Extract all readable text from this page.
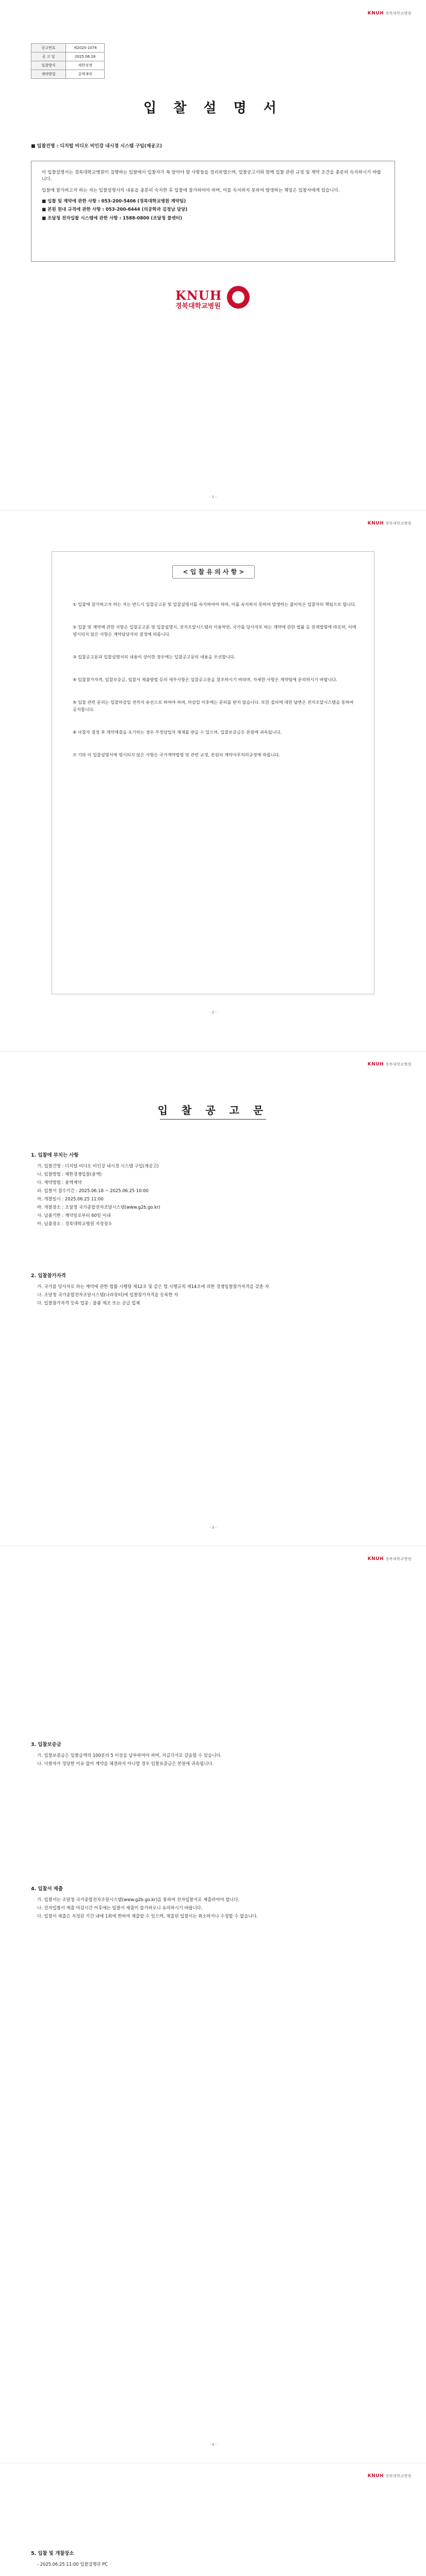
KNUH 경북대학교병원
공고번호	제2025-1078
공 고 일	2025.06.18
입찰방식	제한경쟁
계약방법	총액계약
입 찰 설 명 서
■ 입찰건명 : 디지털 비디오 비인강 내시경 시스템 구입(재공고)

이 입찰설명서는 경북대학교병원이 집행하는 입찰에서 입찰자가 꼭 알아야 할 사항들을 정리하였으며, 입찰공고서와 함께 입찰 관련 규정 및 계약 조건을 충분히 숙지하시기 바랍니다.

입찰에 참가하고자 하는 자는 입찰설명서의 내용을 충분히 숙지한 후 입찰에 참가하여야 하며, 이를 숙지하지 못하여 발생하는 책임은 입찰자에게 있습니다.

■ 입찰 및 계약에 관한 사항 : 053-200-5406 (경북대학교병원 계약팀)
■ 본원 원내 규격에 관한 사항 : 053-200-6444 (의공학과 김정남 담당)
■ 조달청 전자입찰 시스템에 관한 사항 : 1588-0800 (조달청 콜센터)
KNUH
경북대학교병원
- 1 -
KNUH 경북대학교병원
< 입 찰 유 의 사 항 >
① 입찰에 참가하고자 하는 자는 반드시 입찰공고문 및 입찰설명서를 숙지하여야 하며, 이를 숙지하지 못하여 발생하는 불이익은 입찰자의 책임으로 합니다.
② 입찰 및 계약에 관한 사항은 입찰공고문 및 입찰설명서, 전자조달시스템의 이용약관, 국가를 당사자로 하는 계약에 관한 법률 등 관계법령에 따르며, 이에 명시되지 않은 사항은 계약담당자의 결정에 따릅니다.
③ 입찰공고문과 입찰설명서의 내용이 상이한 경우에는 입찰공고문의 내용을 우선합니다.
④ 입찰참가자격, 입찰보증금, 입찰서 제출방법 등의 세부사항은 입찰공고문을 참조하시기 바라며, 자세한 사항은 계약팀에 문의하시기 바랍니다.
⑤ 입찰 관련 문의는 입찰마감일 전까지 유선으로 하여야 하며, 마감일 이후에는 문의를 받지 않습니다. 또한 질의에 대한 답변은 전자조달시스템을 통하여 공지합니다.
⑥ 낙찰자 결정 후 계약체결을 포기하는 경우 부정당업자 제재를 받을 수 있으며, 입찰보증금은 본원에 귀속됩니다.
⑦ 기타 이 입찰설명서에 명시되지 않은 사항은 국가계약법령 및 관련 규정, 본원의 계약사무처리규정에 따릅니다.
- 2 -
KNUH 경북대학교병원
입 찰 공 고 문
1. 입찰에 부치는 사항
가. 입찰건명 : 디지털 비디오 비인강 내시경 시스템 구입(재공고)
나. 입찰방법 : 제한경쟁입찰(총액)
다. 계약방법 : 총액계약
라. 입찰서 접수기간 : 2025.06.18 ~ 2025.06.25 10:00
마. 개찰일시 : 2025.06.25 11:00
바. 개찰장소 : 조달청 국가종합전자조달시스템(www.g2b.go.kr)
사. 납품기한 : 계약일로부터 60일 이내
아. 납품장소 : 경북대학교병원 지정장소
2. 입찰참가자격
가. 국가를 당사자로 하는 계약에 관한 법률 시행령 제12조 및 같은 법 시행규칙 제14조에 의한 경쟁입찰참가자격을 갖춘 자
나. 조달청 국가종합전자조달시스템(나라장터)에 입찰참가자격을 등록한 자
다. 입찰참가자격 등록 업종 : 물품 제조 또는 공급 업체
- 3 -
KNUH 경북대학교병원
3. 입찰보증금
가. 입찰보증금은 입찰금액의 100분의 5 이상을 납부하여야 하며, 지급각서로 갈음할 수 있습니다.
나. 낙찰자가 정당한 이유 없이 계약을 체결하지 아니할 경우 입찰보증금은 본원에 귀속됩니다.
4. 입찰서 제출
가. 입찰서는 조달청 국가종합전자조달시스템(www.g2b.go.kr)을 통하여 전자입찰서로 제출하여야 합니다.
나. 전자입찰서 제출 마감시간 이후에는 입찰서 제출이 불가하오니 유의하시기 바랍니다.
다. 입찰서 제출은 지정된 기간 내에 1회에 한하여 제출할 수 있으며, 제출된 입찰서는 취소하거나 수정할 수 없습니다.
- 4 -
KNUH 경북대학교병원
5. 입찰 및 개찰장소
- 2025.06.25 11:00 입찰집행관 PC
